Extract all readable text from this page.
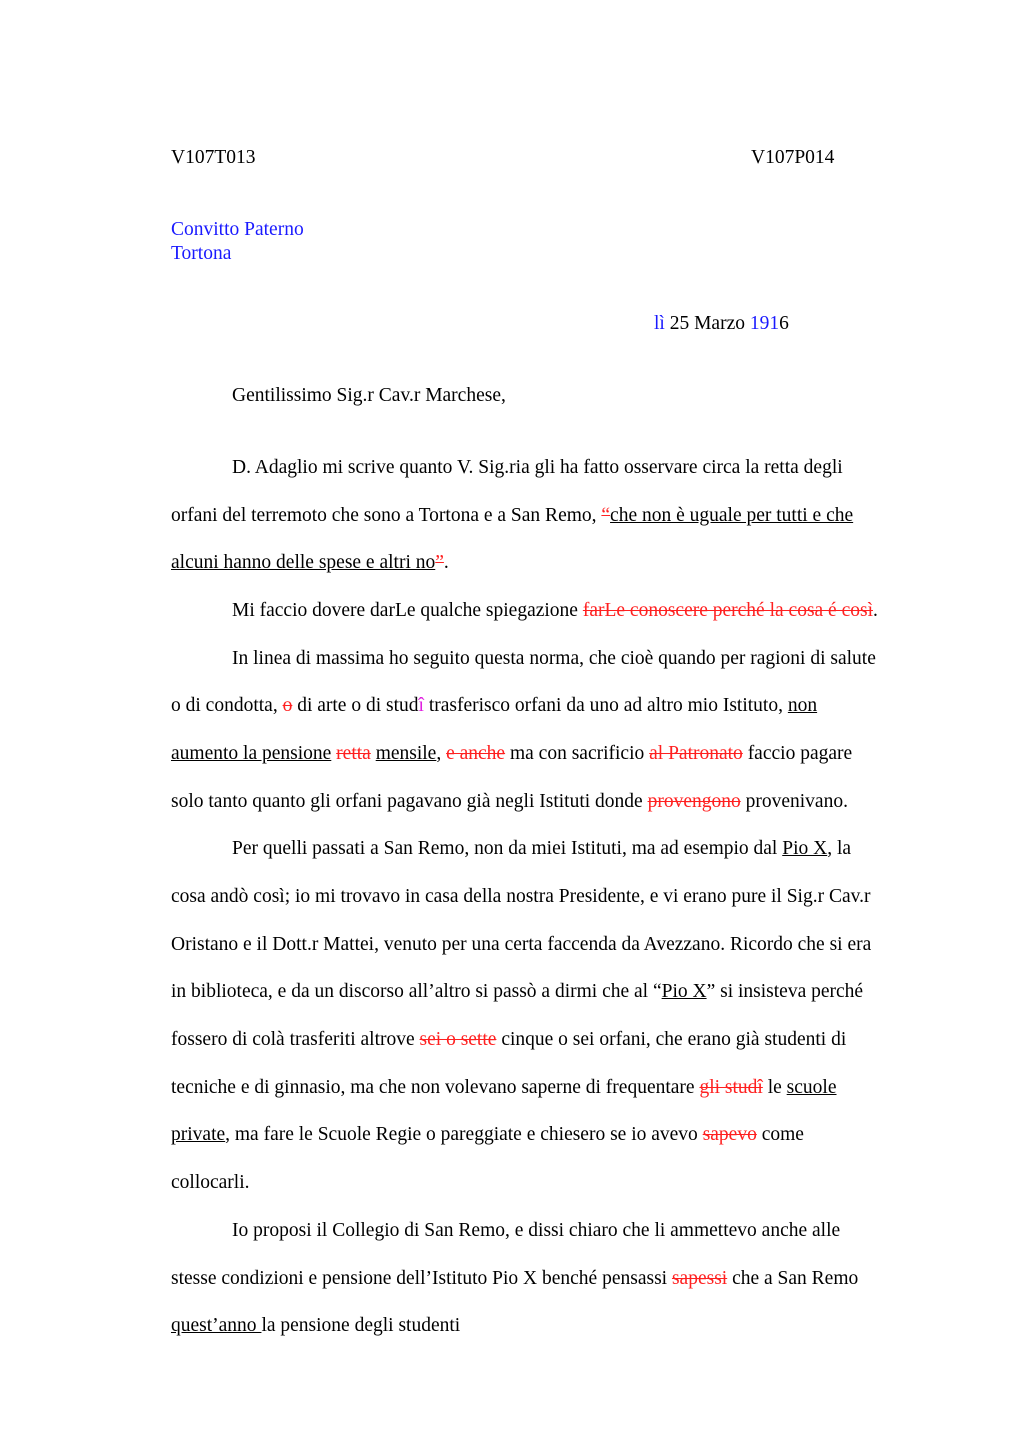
V107T013	V107P014
Convitto Paterno
Tortona
lì 25 Marzo 1916
Gentilissimo Sig.r Cav.r Marchese,

D. Adaglio mi scrive quanto V. Sig.ria gli ha fatto osservare circa la retta degli

orfani del terremoto che sono a Tortona e a San Remo, “che non è uguale per tutti e che

alcuni hanno delle spese e altri no”.

Mi faccio dovere darLe qualche spiegazione farLe conoscere perché la cosa é così.

In linea di massima ho seguito questa norma, che cioè quando per ragioni di salute

o di condotta, o di arte o di studî trasferisco orfani da uno ad altro mio Istituto, non

aumento la pensione retta mensile, e anche ma con sacrificio al Patronato faccio pagare

solo tanto quanto gli orfani pagavano già negli Istituti donde provengono provenivano.

Per quelli passati a San Remo, non da miei Istituti, ma ad esempio dal Pio X, la

cosa andò così; io mi trovavo in casa della nostra Presidente, e vi erano pure il Sig.r Cav.r

Oristano e il Dott.r Mattei, venuto per una certa faccenda da Avezzano. Ricordo che si era

in biblioteca, e da un discorso all’altro si passò a dirmi che al “Pio X” si insisteva perché

fossero di colà trasferiti altrove sei o sette cinque o sei orfani, che erano già studenti di

tecniche e di ginnasio, ma che non volevano saperne di frequentare gli studî le scuole

private, ma fare le Scuole Regie o pareggiate e chiesero se io avevo sapevo come

collocarli.

Io proposi il Collegio di San Remo, e dissi chiaro che li ammettevo anche alle

stesse condizioni e pensione dell’Istituto Pio X benché pensassi sapessi che a San Remo

quest’anno la pensione degli studenti
